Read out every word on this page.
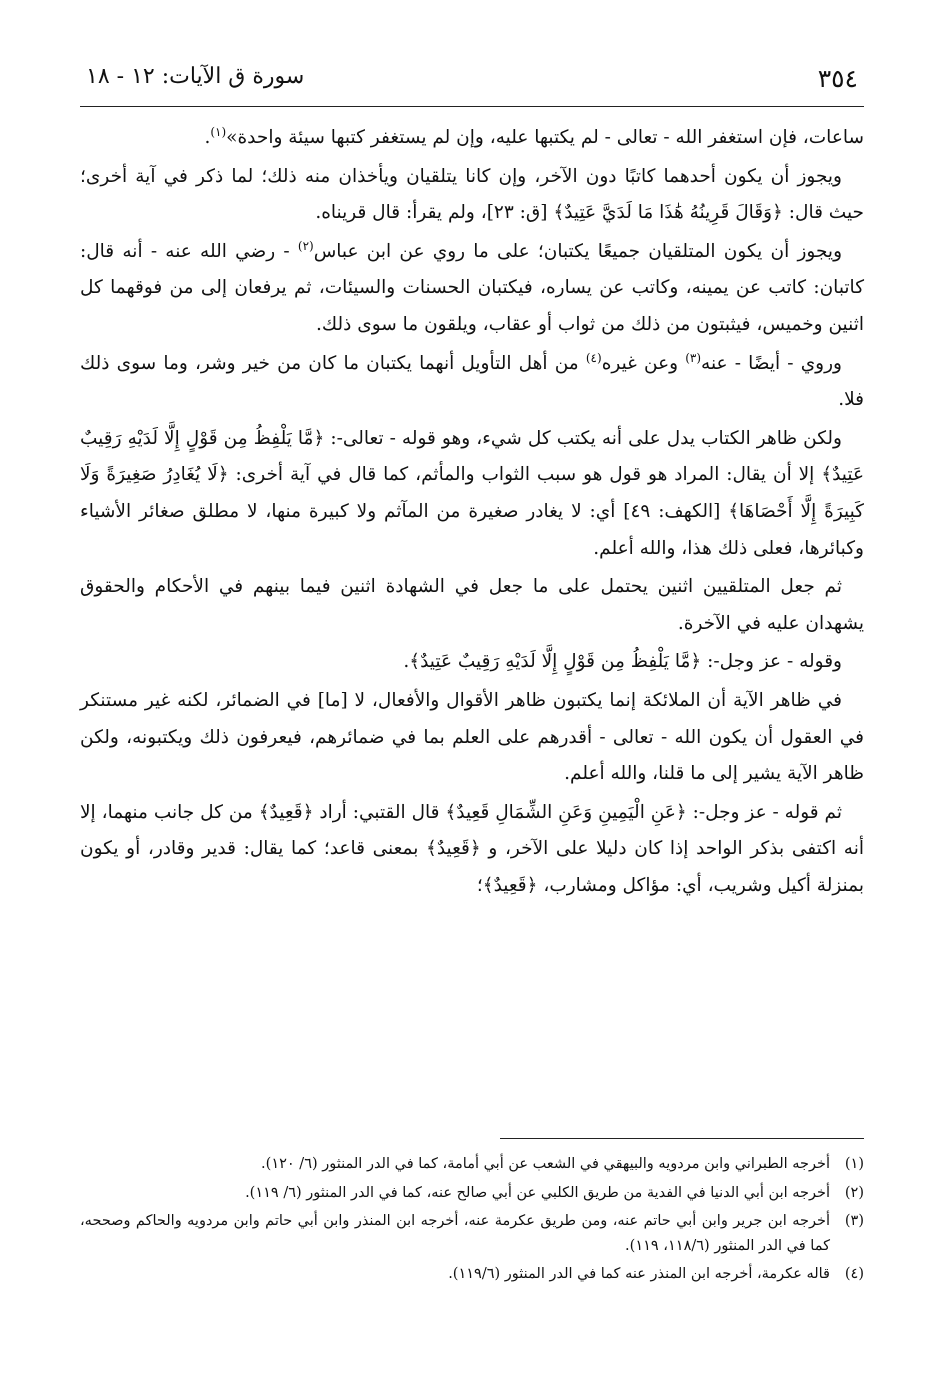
٣٥٤
سورة ق الآيات: ١٢ - ١٨

ساعات، فإن استغفر الله - تعالى - لم يكتبها عليه، وإن لم يستغفر كتبها سيئة واحدة»$^{(١)}$.

ويجوز أن يكون أحدهما كاتبًا دون الآخر، وإن كانا يتلقيان ويأخذان منه ذلك؛ لما ذكر في آية أخرى؛ حيث قال: ﴿وَقَالَ قَرِينُهُ هَٰذَا مَا لَدَيَّ عَتِيدٌ﴾ [ق: ٢٣]، ولم يقرأ: قال قريناه.

ويجوز أن يكون المتلقيان جميعًا يكتبان؛ على ما روي عن ابن عباس$^{(٢)}$ - رضي الله عنه - أنه قال: كاتبان: كاتب عن يمينه، وكاتب عن يساره، فيكتبان الحسنات والسيئات، ثم يرفعان إلى من فوقهما كل اثنين وخميس، فيثبتون من ذلك من ثواب أو عقاب، ويلقون ما سوى ذلك.

وروي - أيضًا - عنه$^{(٣)}$ وعن غيره$^{(٤)}$ من أهل التأويل أنهما يكتبان ما كان من خير وشر، وما سوى ذلك فلا.

ولكن ظاهر الكتاب يدل على أنه يكتب كل شيء، وهو قوله - تعالى-: ﴿مَّا يَلْفِظُ مِن قَوْلٍ إِلَّا لَدَيْهِ رَقِيبٌ عَتِيدٌ﴾ إلا أن يقال: المراد هو قول هو سبب الثواب والمأثم، كما قال في آية أخرى: ﴿لَا يُغَادِرُ صَغِيرَةً وَلَا كَبِيرَةً إِلَّا أَحْصَاهَا﴾ [الكهف: ٤٩] أي: لا يغادر صغيرة من المآثم ولا كبيرة منها، لا مطلق صغائر الأشياء وكبائرها، فعلى ذلك هذا، والله أعلم.

ثم جعل المتلقيين اثنين يحتمل على ما جعل في الشهادة اثنين فيما بينهم في الأحكام والحقوق يشهدان عليه في الآخرة.

وقوله - عز وجل-: ﴿مَّا يَلْفِظُ مِن قَوْلٍ إِلَّا لَدَيْهِ رَقِيبٌ عَتِيدٌ﴾.

في ظاهر الآية أن الملائكة إنما يكتبون ظاهر الأقوال والأفعال، لا [ما] في الضمائر، لكنه غير مستنكر في العقول أن يكون الله - تعالى - أقدرهم على العلم بما في ضمائرهم، فيعرفون ذلك ويكتبونه، ولكن ظاهر الآية يشير إلى ما قلنا، والله أعلم.

ثم قوله - عز وجل-: ﴿عَنِ الْيَمِينِ وَعَنِ الشِّمَالِ قَعِيدٌ﴾ قال القتبي: أراد ﴿قَعِيدٌ﴾ من كل جانب منهما، إلا أنه اكتفى بذكر الواحد إذا كان دليلا على الآخر، و ﴿قَعِيدٌ﴾ بمعنى قاعد؛ كما يقال: قدير وقادر، أو يكون بمنزلة أكيل وشريب، أي: مؤاكل ومشارب، ﴿قَعِيدٌ﴾؛

(١)
أخرجه الطبراني وابن مردويه والبيهقي في الشعب عن أبي أمامة، كما في الدر المنثور (٦/ ١٢٠).
(٢)
أخرجه ابن أبي الدنيا في الفدية من طريق الكلبي عن أبي صالح عنه، كما في الدر المنثور (٦/ ١١٩).
(٣)
أخرجه ابن جرير وابن أبي حاتم عنه، ومن طريق عكرمة عنه، أخرجه ابن المنذر وابن أبي حاتم وابن مردويه والحاكم وصححه، كما في الدر المنثور (١١٨/٦، ١١٩).
(٤)
قاله عكرمة، أخرجه ابن المنذر عنه كما في الدر المنثور (١١٩/٦).
